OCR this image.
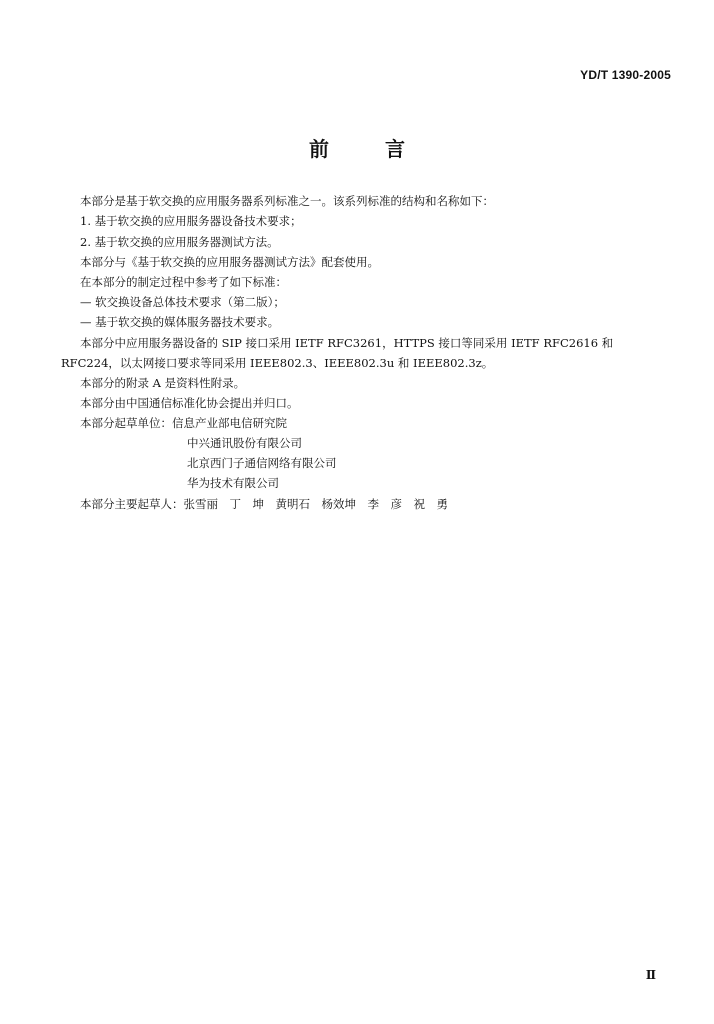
YD/T 1390-2005
前	言
本部分是基于软交换的应用服务器系列标准之一。该系列标准的结构和名称如下：
1. 基于软交换的应用服务器设备技术要求；
2. 基于软交换的应用服务器测试方法。
本部分与《基于软交换的应用服务器测试方法》配套使用。
在本部分的制定过程中参考了如下标准：
— 软交换设备总体技术要求（第二版）；
— 基于软交换的媒体服务器技术要求。
本部分中应用服务器设备的 SIP 接口采用 IETF RFC3261，HTTPS 接口等同采用 IETF RFC2616 和
RFC224，以太网接口要求等同采用 IEEE802.3、IEEE802.3u 和 IEEE802.3z。
本部分的附录 A 是资料性附录。
本部分由中国通信标准化协会提出并归口。
本部分起草单位：信息产业部电信研究院
中兴通讯股份有限公司
北京西门子通信网络有限公司
华为技术有限公司
本部分主要起草人：张雪丽　丁　坤　黄明石　杨效坤　李　彦　祝　勇
Ⅱ
